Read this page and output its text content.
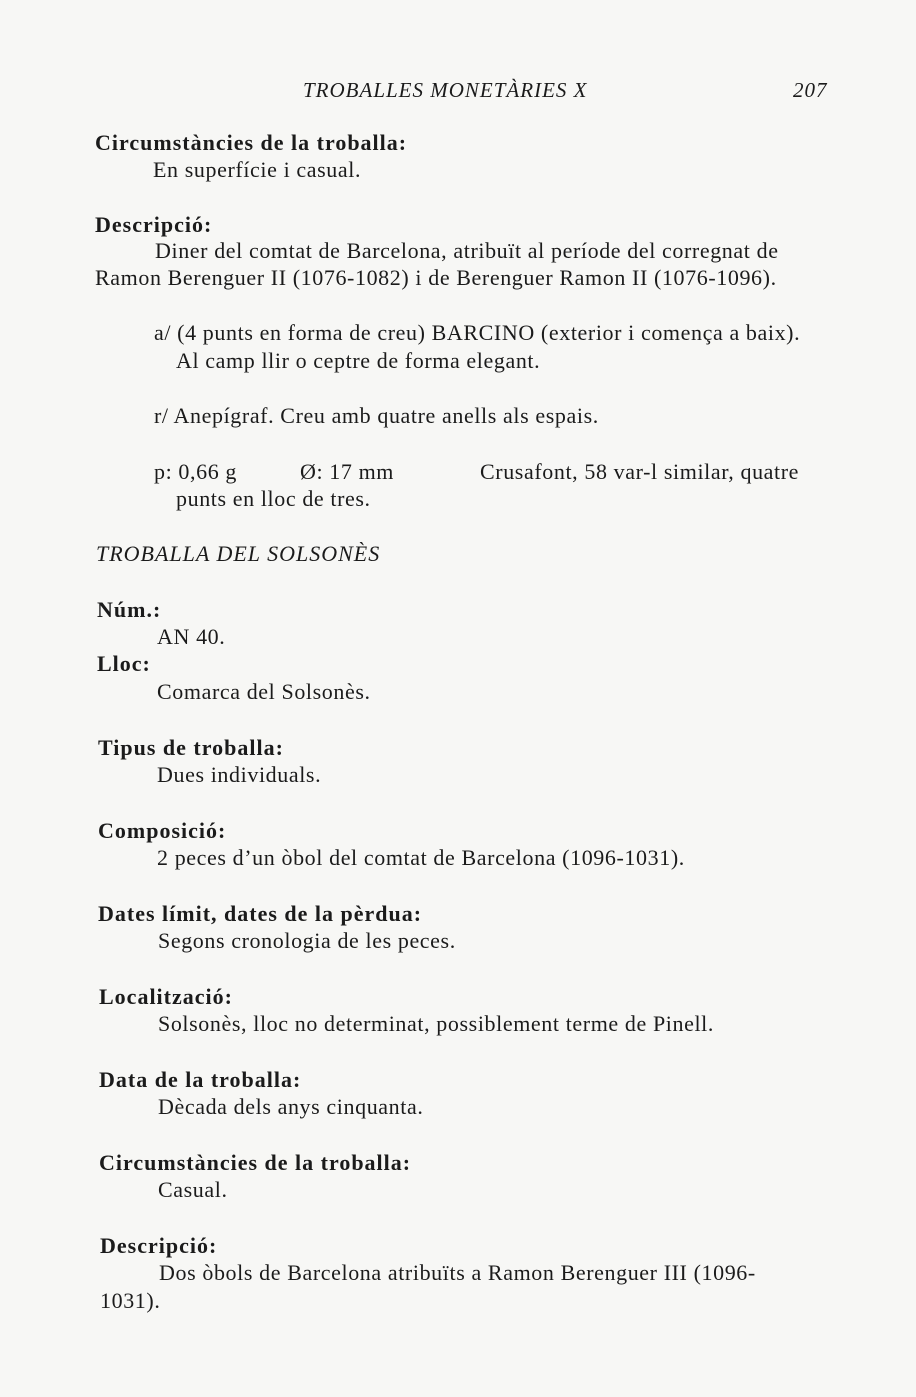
TROBALLES MONETÀRIES X	207
Circumstàncies de la troballa:
En superfície i casual.
Descripció:
Diner del comtat de Barcelona, atribuït al període del corregnat de
Ramon Berenguer II (1076-1082) i de Berenguer Ramon II (1076-1096).
a/ (4 punts en forma de creu) BARCINO (exterior i comença a baix).
Al camp llir o ceptre de forma elegant.
r/ Anepígraf. Creu amb quatre anells als espais.
p: 0,66 g	Ø: 17 mm	Crusafont, 58 var-l similar, quatre
punts en lloc de tres.
TROBALLA DEL SOLSONÈS
Núm.:
AN 40.
Lloc:
Comarca del Solsonès.
Tipus de troballa:
Dues individuals.
Composició:
2 peces d’un òbol del comtat de Barcelona (1096-1031).
Dates límit, dates de la pèrdua:
Segons cronologia de les peces.
Localització:
Solsonès, lloc no determinat, possiblement terme de Pinell.
Data de la troballa:
Dècada dels anys cinquanta.
Circumstàncies de la troballa:
Casual.
Descripció:
Dos òbols de Barcelona atribuïts a Ramon Berenguer III (1096-
1031).
